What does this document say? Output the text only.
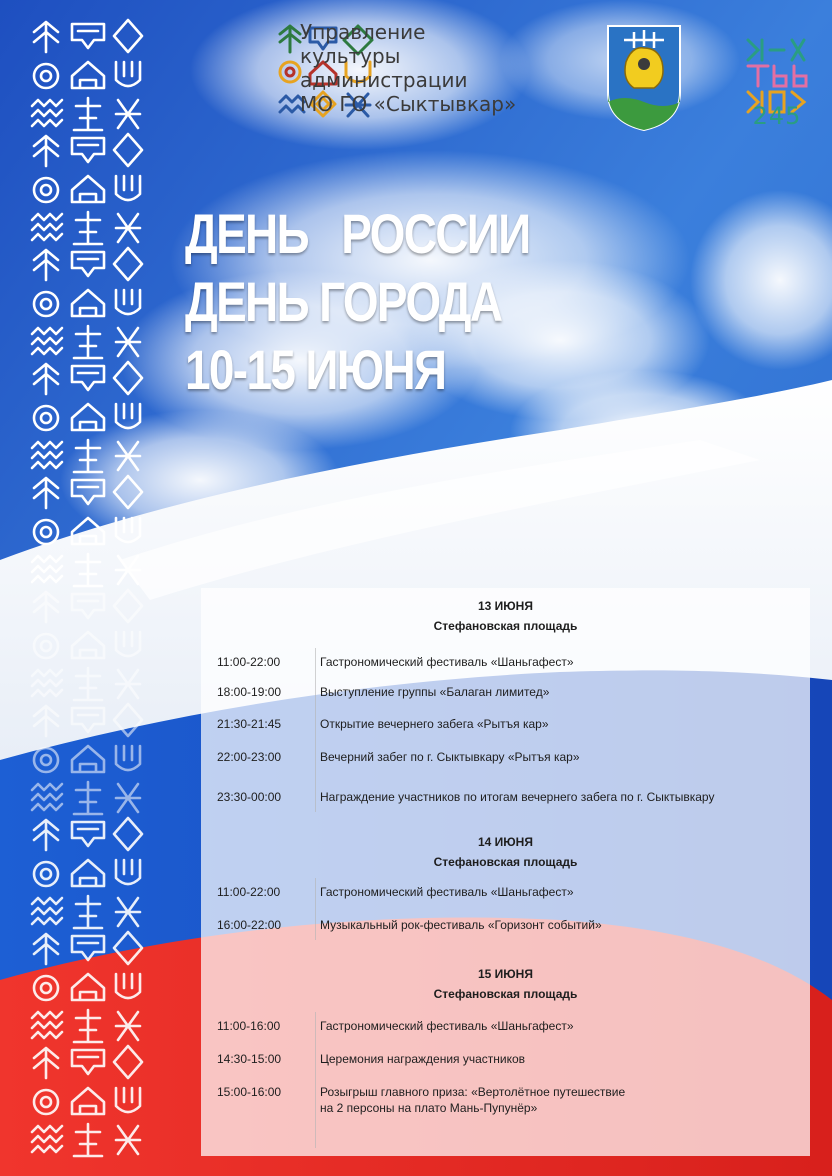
Управление
культуры
администрации
МО ГО «Сыктывкар»	245
ДЕНЬ   РОССИИ
ДЕНЬ ГОРОДА
10-15 ИЮНЯ
13 ИЮНЯ
Стефановская площадь
11:00-22:00	Гастрономический фестиваль «Шаньгафест»
18:00-19:00	Выступление группы «Балаган лимитед»
21:30-21:45	Открытие вечернего забега «Рытъя кар»
22:00-23:00	Вечерний забег по г. Сыктывкару «Рытъя кар»
23:30-00:00	Награждение участников по итогам вечернего забега по г. Сыктывкару
14 ИЮНЯ
Стефановская площадь
11:00-22:00	Гастрономический фестиваль «Шаньгафест»
16:00-22:00	Музыкальный рок-фестиваль «Горизонт событий»
15 ИЮНЯ
Стефановская площадь
11:00-16:00	Гастрономический фестиваль «Шаньгафест»
14:30-15:00	Церемония награждения участников
15:00-16:00	Розыгрыш главного приза: «Вертолётное путешествие
на 2 персоны на плато Мань-Пупунёр»
